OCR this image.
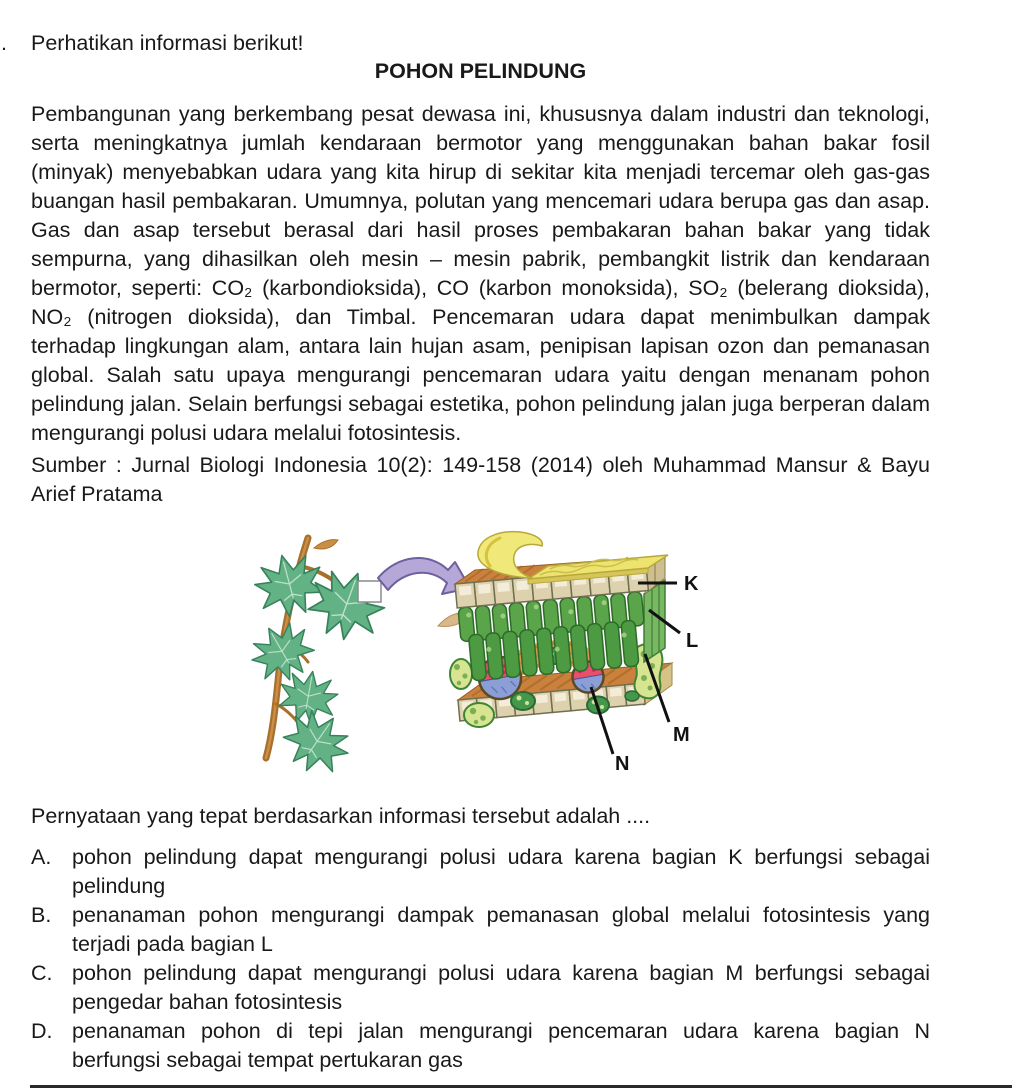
. Perhatikan informasi berikut!
POHON PELINDUNG

Pembangunan yang berkembang pesat dewasa ini, khususnya dalam industri dan teknologi, serta meningkatnya jumlah kendaraan bermotor yang menggunakan bahan bakar fosil (minyak) menyebabkan udara yang kita hirup di sekitar kita menjadi tercemar oleh gas-gas buangan hasil pembakaran. Umumnya, polutan yang mencemari udara berupa gas dan asap. Gas dan asap tersebut berasal dari hasil proses pembakaran bahan bakar yang tidak sempurna, yang dihasilkan oleh mesin – mesin pabrik, pembangkit listrik dan kendaraan bermotor, seperti: CO₂ (karbondioksida), CO (karbon monoksida), SO₂ (belerang dioksida), NO₂ (nitrogen dioksida), dan Timbal. Pencemaran udara dapat menimbulkan dampak terhadap lingkungan alam, antara lain hujan asam, penipisan lapisan ozon dan pemanasan global. Salah satu upaya mengurangi pencemaran udara yaitu dengan menanam pohon pelindung jalan. Selain berfungsi sebagai estetika, pohon pelindung jalan juga berperan dalam mengurangi polusi udara melalui fotosintesis.

Sumber : Jurnal Biologi Indonesia 10(2): 149-158 (2014) oleh Muhammad Mansur & Bayu Arief Pratama

K
L
M
N

Pernyataan yang tepat berdasarkan informasi tersebut adalah ....

A. pohon pelindung dapat mengurangi polusi udara karena bagian K berfungsi sebagai pelindung
B. penanaman pohon mengurangi dampak pemanasan global melalui fotosintesis yang terjadi pada bagian L
C. pohon pelindung dapat mengurangi polusi udara karena bagian M berfungsi sebagai pengedar bahan fotosintesis
D. penanaman pohon di tepi jalan mengurangi pencemaran udara karena bagian N berfungsi sebagai tempat pertukaran gas
